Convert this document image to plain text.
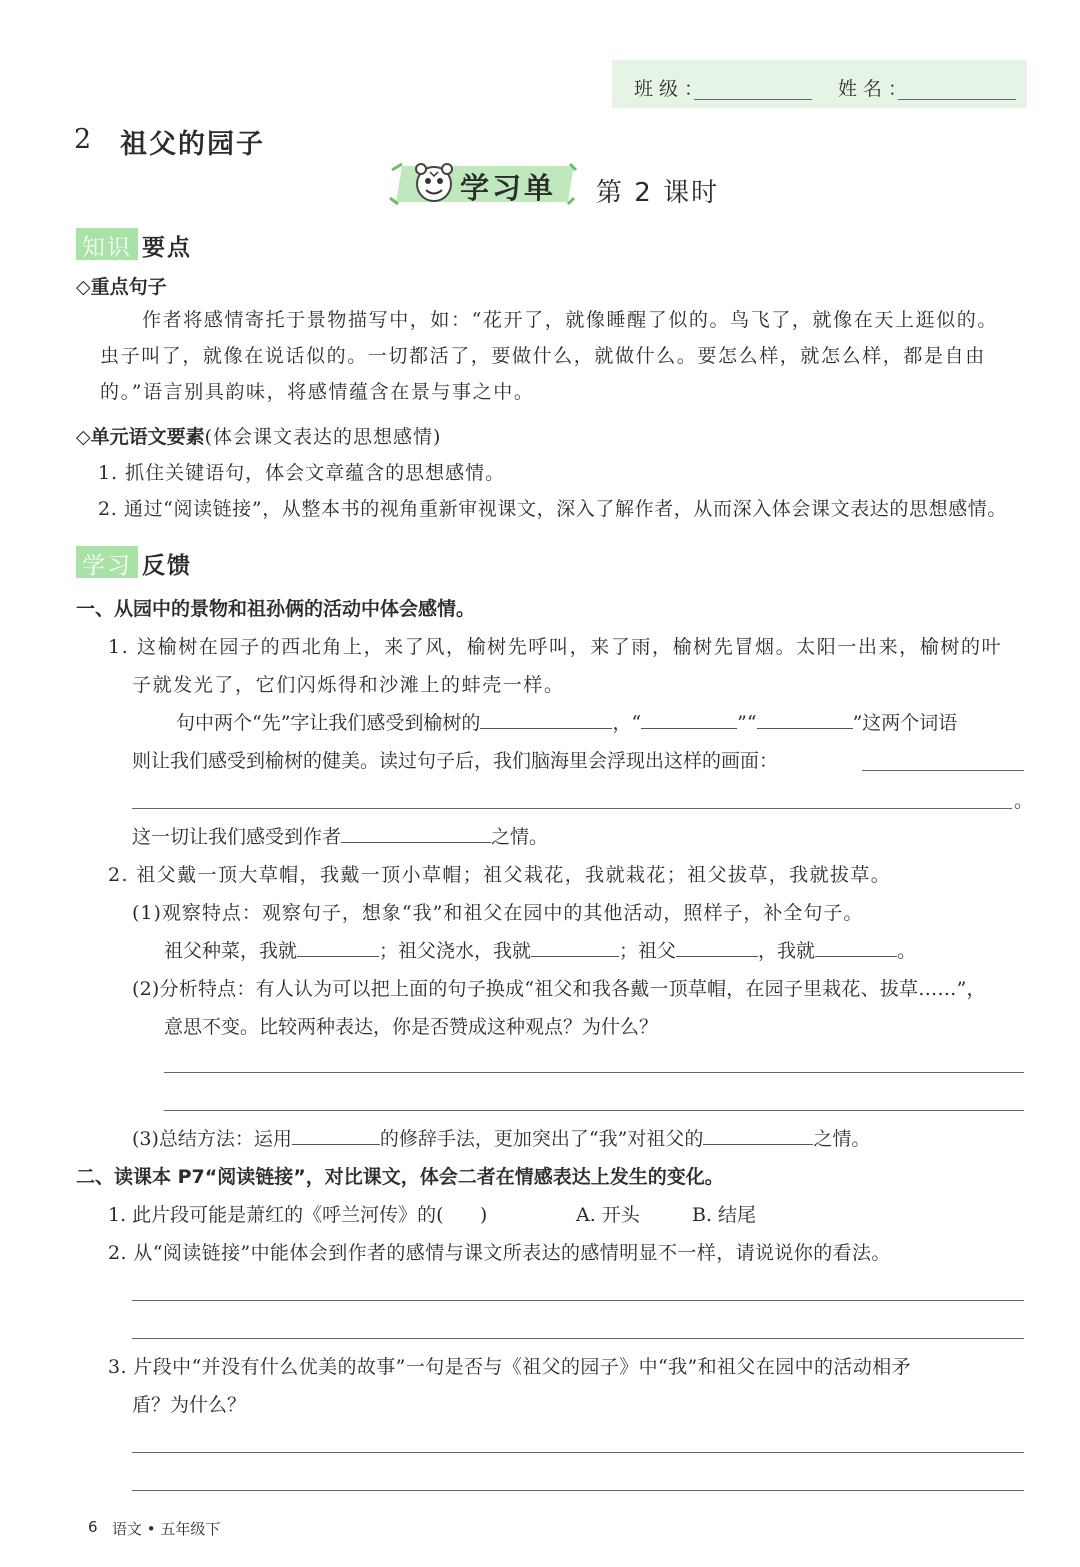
班级：	姓名：
2 祖父的园子
学习单 第 2 课时
知识 要点
◇重点句子
作者将感情寄托于景物描写中，如：“花开了，就像睡醒了似的。鸟飞了，就像在天上逛似的。
虫子叫了，就像在说话似的。一切都活了，要做什么，就做什么。要怎么样，就怎么样，都是自由
的。”语言别具韵味，将感情蕴含在景与事之中。
◇单元语文要素(体会课文表达的思想感情)
1. 抓住关键语句，体会文章蕴含的思想感情。
2. 通过“阅读链接”，从整本书的视角重新审视课文，深入了解作者，从而深入体会课文表达的思想感情。
学习 反馈
一、从园中的景物和祖孙俩的活动中体会感情。
1. 这榆树在园子的西北角上，来了风，榆树先呼叫，来了雨，榆树先冒烟。太阳一出来，榆树的叶
子就发光了，它们闪烁得和沙滩上的蚌壳一样。
句中两个“先”字让我们感受到榆树的	，“	”“	”这两个词语
则让我们感受到榆树的健美。读过句子后，我们脑海里会浮现出这样的画面：
。
这一切让我们感受到作者	之情。
2. 祖父戴一顶大草帽，我戴一顶小草帽；祖父栽花，我就栽花；祖父拔草，我就拔草。
(1)观察特点：观察句子，想象“我”和祖父在园中的其他活动，照样子，补全句子。
祖父种菜，我就	；祖父浇水，我就	；祖父	，我就	。
(2)分析特点：有人认为可以把上面的句子换成“祖父和我各戴一顶草帽，在园子里栽花、拔草……”，
意思不变。比较两种表达，你是否赞成这种观点？为什么？
(3)总结方法：运用	的修辞手法，更加突出了“我”对祖父的	之情。
二、读课本 P7“阅读链接”，对比课文，体会二者在情感表达上发生的变化。
1. 此片段可能是萧红的《呼兰河传》的(      )	A. 开头	B. 结尾
2. 从“阅读链接”中能体会到作者的感情与课文所表达的感情明显不一样，请说说你的看法。
3. 片段中“并没有什么优美的故事”一句是否与《祖父的园子》中“我”和祖父在园中的活动相矛
盾？为什么？
6 语文 • 五年级下
